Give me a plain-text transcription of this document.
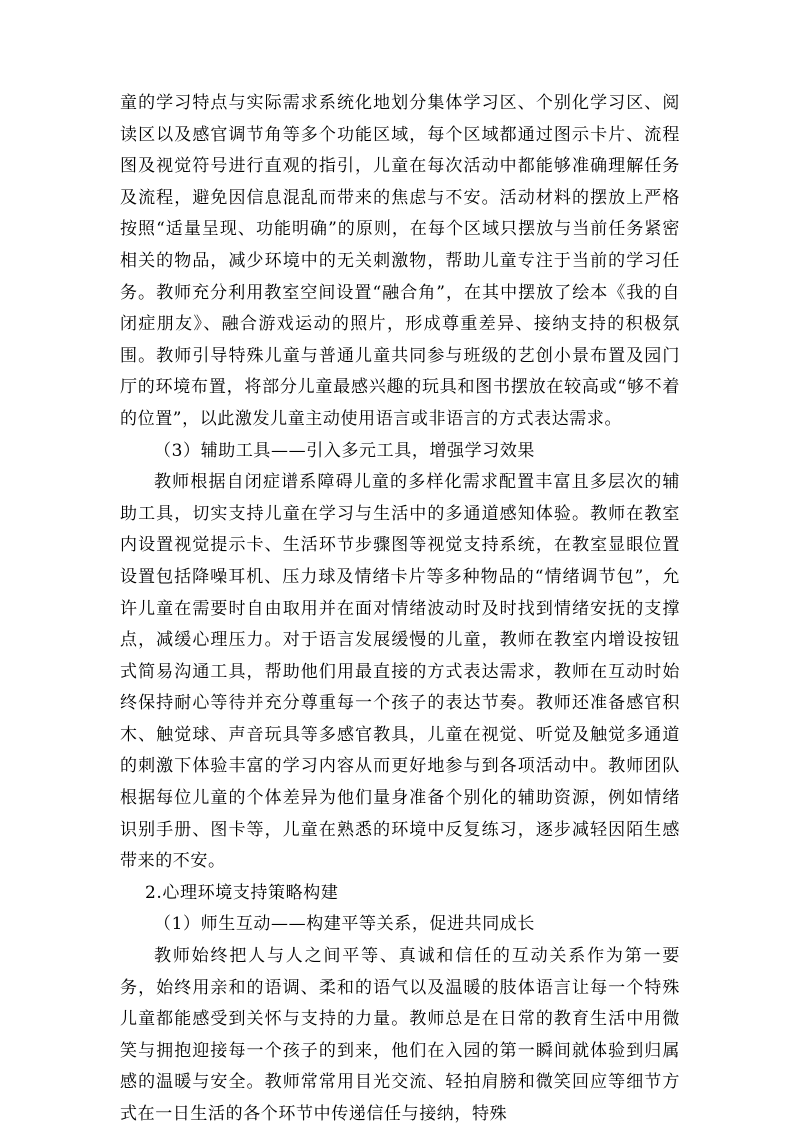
童的学习特点与实际需求系统化地划分集体学习区、个别化学习区、阅读区以及感官调节角等多个功能区域，每个区域都通过图示卡片、流程图及视觉符号进行直观的指引，儿童在每次活动中都能够准确理解任务及流程，避免因信息混乱而带来的焦虑与不安。活动材料的摆放上严格按照“适量呈现、功能明确”的原则，在每个区域只摆放与当前任务紧密相关的物品，减少环境中的无关刺激物，帮助儿童专注于当前的学习任务。教师充分利用教室空间设置“融合角”，在其中摆放了绘本《我的自闭症朋友》、融合游戏运动的照片，形成尊重差异、接纳支持的积极氛围。教师引导特殊儿童与普通儿童共同参与班级的艺创小景布置及园门厅的环境布置，将部分儿童最感兴趣的玩具和图书摆放在较高或“够不着的位置”，以此激发儿童主动使用语言或非语言的方式表达需求。

（3）辅助工具——引入多元工具，增强学习效果

教师根据自闭症谱系障碍儿童的多样化需求配置丰富且多层次的辅助工具，切实支持儿童在学习与生活中的多通道感知体验。教师在教室内设置视觉提示卡、生活环节步骤图等视觉支持系统，在教室显眼位置设置包括降噪耳机、压力球及情绪卡片等多种物品的“情绪调节包”，允许儿童在需要时自由取用并在面对情绪波动时及时找到情绪安抚的支撑点，减缓心理压力。对于语言发展缓慢的儿童，教师在教室内增设按钮式简易沟通工具，帮助他们用最直接的方式表达需求，教师在互动时始终保持耐心等待并充分尊重每一个孩子的表达节奏。教师还准备感官积木、触觉球、声音玩具等多感官教具，儿童在视觉、听觉及触觉多通道的刺激下体验丰富的学习内容从而更好地参与到各项活动中。教师团队根据每位儿童的个体差异为他们量身准备个别化的辅助资源，例如情绪识别手册、图卡等，儿童在熟悉的环境中反复练习，逐步减轻因陌生感带来的不安。

2.心理环境支持策略构建

（1）师生互动——构建平等关系，促进共同成长

教师始终把人与人之间平等、真诚和信任的互动关系作为第一要务，始终用亲和的语调、柔和的语气以及温暖的肢体语言让每一个特殊儿童都能感受到关怀与支持的力量。教师总是在日常的教育生活中用微笑与拥抱迎接每一个孩子的到来，他们在入园的第一瞬间就体验到归属感的温暖与安全。教师常常用目光交流、轻拍肩膀和微笑回应等细节方式在一日生活的各个环节中传递信任与接纳，特殊
